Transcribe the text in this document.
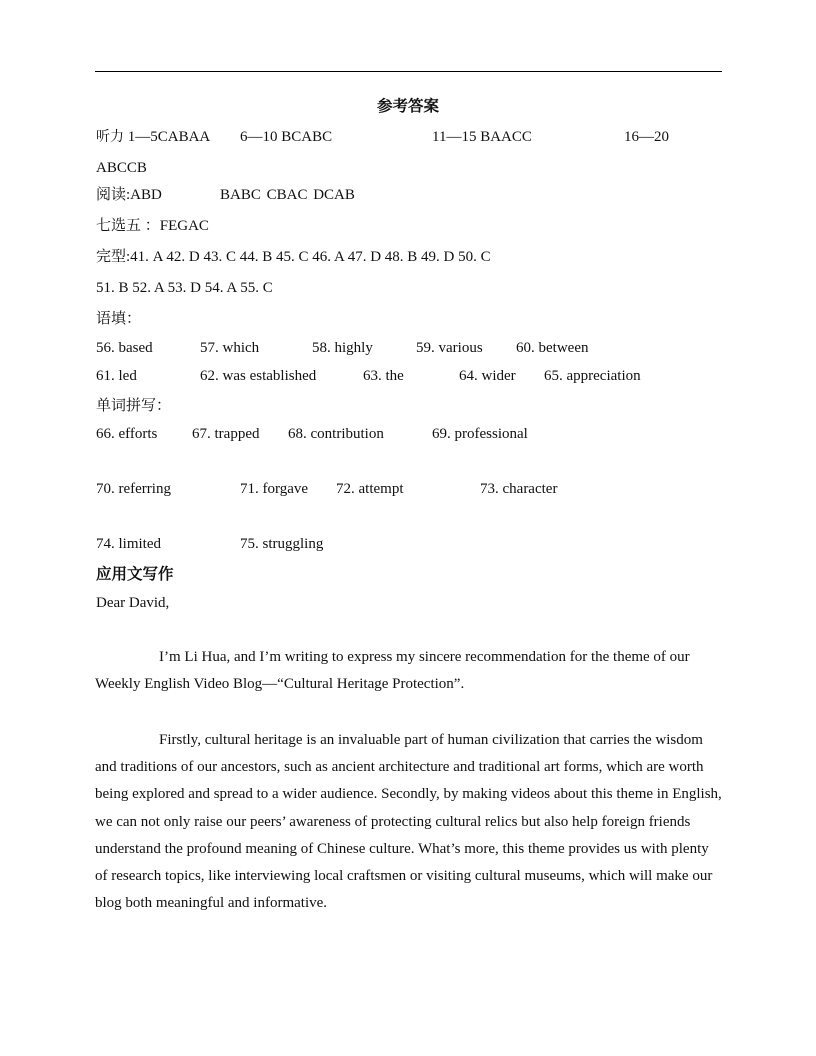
参考答案
听力 1—5CABAA 6—10 BCABC	11—15 BAACC	16—20
ABCCB
阅读:ABD	BABC CBAC DCAB
七选五 ：FEGAC
完型:41. A 42. D 43. C 44. B 45. C 46. A 47. D 48. B 49. D 50. C
51. B 52. A 53. D 54. A 55. C
语填：
56. based	57. which	58. highly	59. various 60. between
61. led	62. was established	63. the	64. wider 65. appreciation
单词拼写：
66. efforts 67. trapped 68. contribution	69. professional
70. referring	71. forgave 72. attempt	73. character
74. limited	75. struggling
应用文写作
Dear David,

I’m Li Hua, and I’m writing to express my sincere recommendation for the theme of our Weekly English Video Blog—“Cultural Heritage Protection”.

Firstly, cultural heritage is an invaluable part of human civilization that carries the wisdom and traditions of our ancestors, such as ancient architecture and traditional art forms, which are worth being explored and spread to a wider audience. Secondly, by making videos about this theme in English, we can not only raise our peers’ awareness of protecting cultural relics but also help foreign friends understand the profound meaning of Chinese culture. What’s more, this theme provides us with plenty of research topics, like interviewing local craftsmen or visiting cultural museums, which will make our blog both meaningful and informative.
